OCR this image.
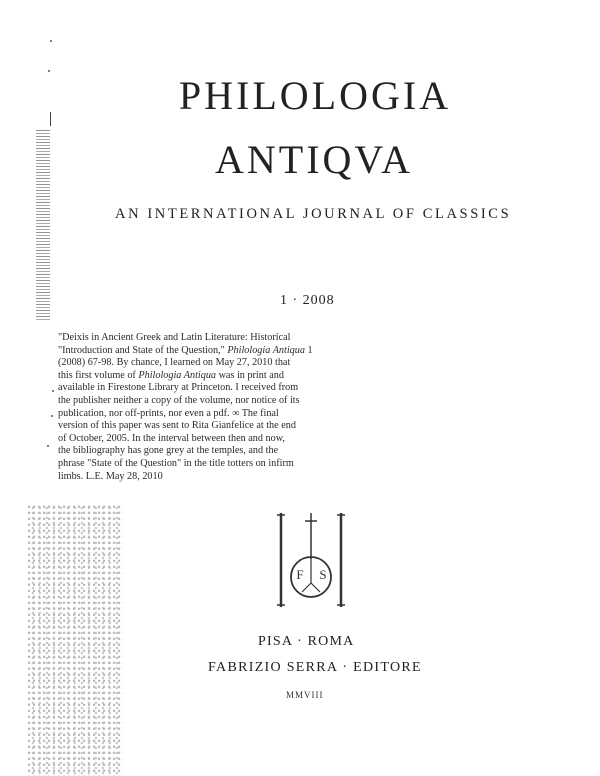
PHILOLOGIA
ANTIQVA
AN INTERNATIONAL JOURNAL OF CLASSICS
1 · 2008

"Deixis in Ancient Greek and Latin Literature: Historical

"Introduction and State of the Question," Philologia Antiqua 1

(2008) 67-98. By chance, I learned on May 27, 2010 that

this first volume of Philologia Antiqua was in print and

available in Firestone Library at Princeton. I received from

the publisher neither a copy of the volume, nor notice of its

publication, nor off-prints, nor even a pdf. ∞ The final

version of this paper was sent to Rita Gianfelice at the end

of October, 2005. In the interval between then and now,

the bibliography has gone grey at the temples, and the

phrase "State of the Question" in the title totters on infirm

limbs. L.E. May 28, 2010

F S
PISA · ROMA
FABRIZIO SERRA · EDITORE
MMVIII
